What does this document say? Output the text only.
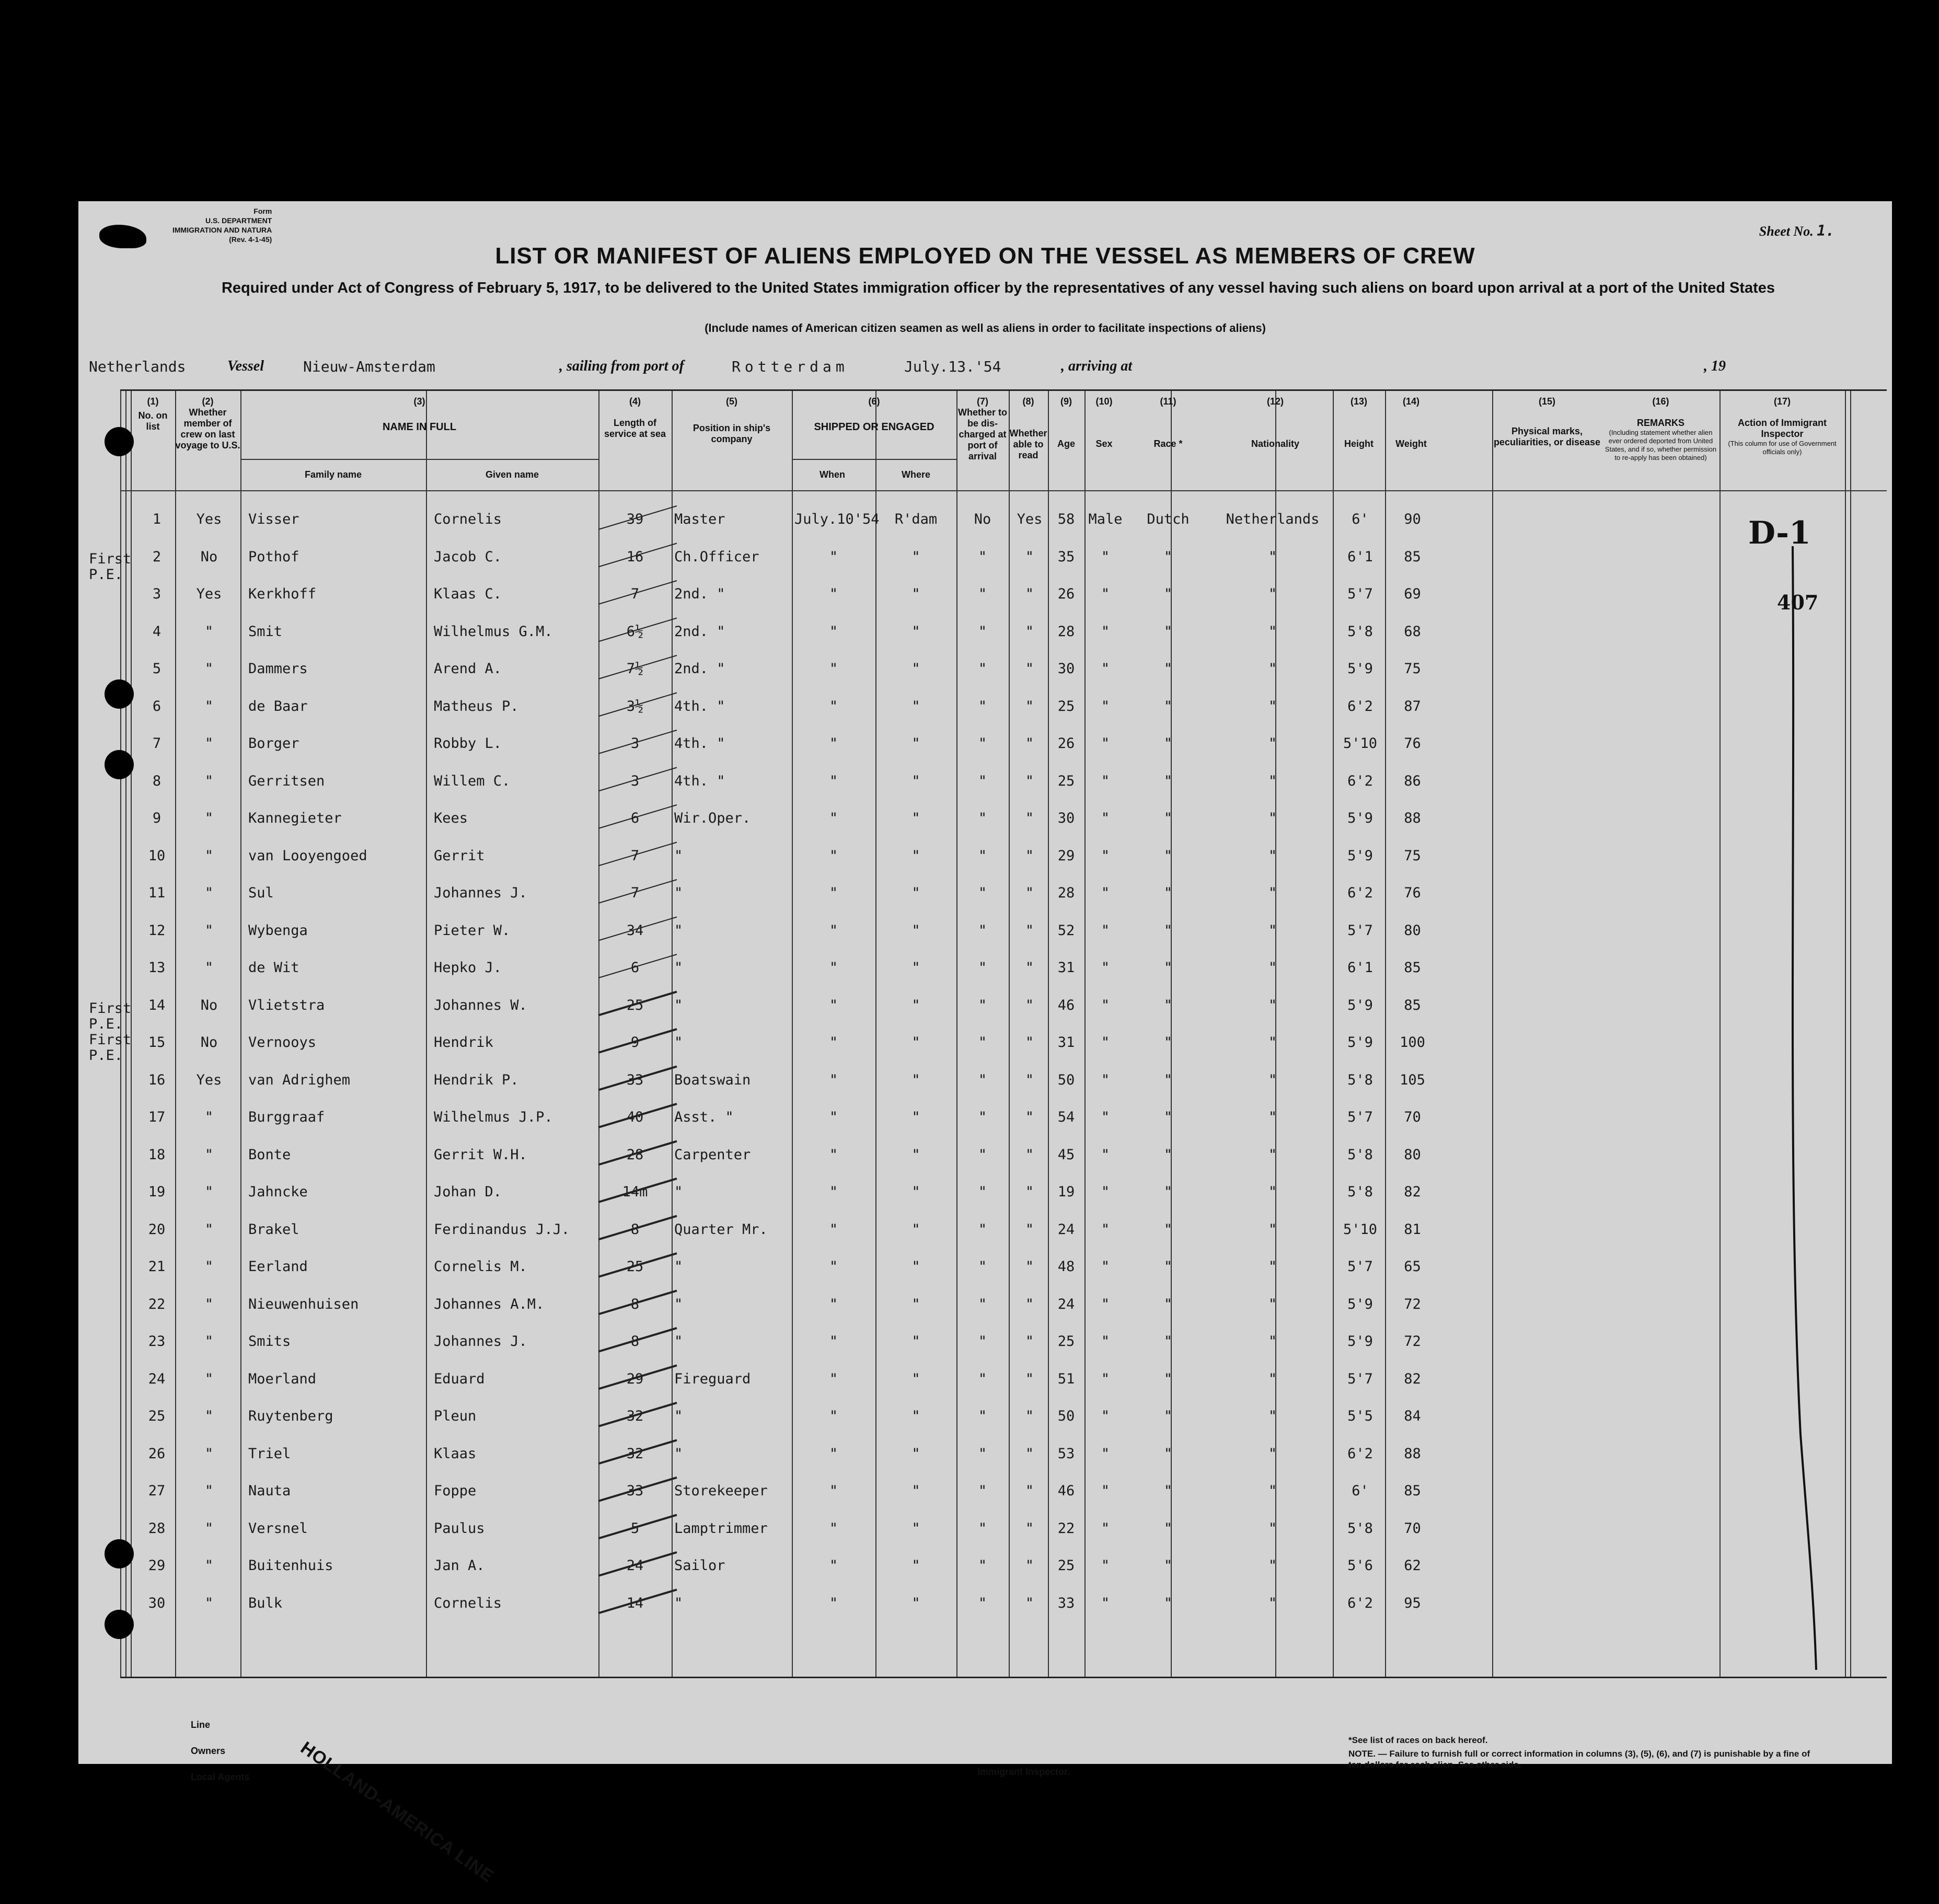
Form
U.S. DEPARTMENT
IMMIGRATION AND NATURA
(Rev. 4-1-45)
Sheet No. 1.
LIST OR MANIFEST OF ALIENS EMPLOYED ON THE VESSEL AS MEMBERS OF CREW
Required under Act of Congress of February 5, 1917, to be delivered to the United States immigration officer by the representatives of any vessel having such aliens on board upon arrival at a port of the United States
(Include names of American citizen seamen as well as aliens in order to facilitate inspections of aliens)
Netherlands	Vessel	Nieuw-Amsterdam	, sailing from port of	Rotterdam	July.13.'54	, arriving at	, 19
(2)
Whether member of crew on last voyage to U.S.
(1)
No. on list
(3)
NAME IN FULL
Family name	Given name
(4)
Length of service at sea
(5)
Position in ship's company
(6)
SHIPPED OR ENGAGED
When	Where
(7)
Whether to be dis-charged at port of arrival
(8)
Whether able to read
(9)
Age
(10)
Sex
(11)
Race *
(12)
Nationality
(13)
Height
(14)
Weight
(15)
Physical marks, peculiarities, or disease
(16)
REMARKS
(Including statement whether alien ever ordered deported from United States, and if so, whether permission to re-apply has been obtained)
(17)
Action of Immigrant Inspector
(This column for use of Government officials only)
1	Yes	Visser	Cornelis	39	Master	July.10'54	R'dam	No	Yes	58 Male	Dutch	Netherlands	6'	90
2	No	Pothof	Jacob C.	16	Ch.Officer	"	"	"	"	35	"	"	"	6'1	85
3	Yes	Kerkhoff	Klaas C.	7	2nd. "	"	"	"	"	26	"	"	"	5'7	69
4	"	Smit	Wilhelmus G.M.	6½	2nd. "	"	"	"	"	28	"	"	"	5'8	68
5	"	Dammers	Arend A.	7½	2nd. "	"	"	"	"	30	"	"	"	5'9	75
6	"	de Baar	Matheus P.	3½	4th. "	"	"	"	"	25	"	"	"	6'2	87
7	"	Borger	Robby L.	3	4th. "	"	"	"	"	26	"	"	"	5'10	76
8	"	Gerritsen	Willem C.	3	4th. "	"	"	"	"	25	"	"	"	6'2	86
9	"	Kannegieter	Kees	6	Wir.Oper.	"	"	"	"	30	"	"	"	5'9	88
10	"	van Looyengoed	Gerrit	7	"	"	"	"	"	29	"	"	"	5'9	75
11	"	Sul	Johannes J.	7	"	"	"	"	"	28	"	"	"	6'2	76
12	"	Wybenga	Pieter W.	34	"	"	"	"	"	52	"	"	"	5'7	80
13	"	de Wit	Hepko J.	6	"	"	"	"	"	31	"	"	"	6'1	85
14	No	Vlietstra	Johannes W.	25	"	"	"	"	"	46	"	"	"	5'9	85
15	No	Vernooys	Hendrik	9	"	"	"	"	"	31	"	"	"	5'9	100
16	Yes	van Adrighem	Hendrik P.	33	Boatswain	"	"	"	"	50	"	"	"	5'8	105
17	"	Burggraaf	Wilhelmus J.P.	40	Asst. "	"	"	"	"	54	"	"	"	5'7	70
18	"	Bonte	Gerrit W.H.	28	Carpenter	"	"	"	"	45	"	"	"	5'8	80
19	"	Jahncke	Johan D.	14m	"	"	"	"	"	19	"	"	"	5'8	82
20	"	Brakel	Ferdinandus J.J.	8	Quarter Mr.	"	"	"	"	24	"	"	"	5'10	81
21	"	Eerland	Cornelis M.	25	"	"	"	"	"	48	"	"	"	5'7	65
22	"	Nieuwenhuisen	Johannes A.M.	8	"	"	"	"	"	24	"	"	"	5'9	72
23	"	Smits	Johannes J.	8	"	"	"	"	"	25	"	"	"	5'9	72
24	"	Moerland	Eduard	29	Fireguard	"	"	"	"	51	"	"	"	5'7	82
25	"	Ruytenberg	Pleun	32	"	"	"	"	"	50	"	"	"	5'5	84
26	"	Triel	Klaas	32	"	"	"	"	"	53	"	"	"	6'2	88
27	"	Nauta	Foppe	33	Storekeeper	"	"	"	"	46	"	"	"	6'	85
28	"	Versnel	Paulus	5	Lamptrimmer	"	"	"	"	22	"	"	"	5'8	70
29	"	Buitenhuis	Jan A.	24	Sailor	"	"	"	"	25	"	"	"	5'6	62
30	"	Bulk	Cornelis	14	"	"	"	"	"	33	"	"	"	6'2	95
First
P.E.
First
P.E.
First
P.E.
D-1
407
Line
Owners
Local Agents	Immigrant Inspector.
HOLLAND-AMERICA LINE	*See list of races on back hereof.
NOTE. — Failure to furnish full or correct information in columns (3), (5), (6), and (7) is punishable by a fine of ten dollars for each alien. See other side.
